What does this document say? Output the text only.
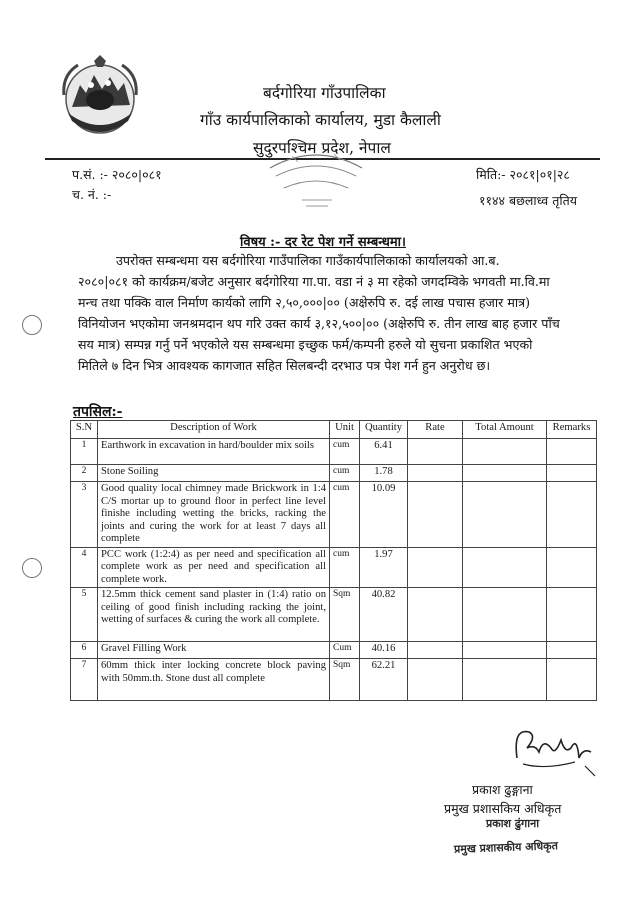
बर्दगोरिया गाँउपालिका
गाँउ कार्यपालिकाको कार्यालय, मुडा कैलाली
सुदुरपश्चिम प्रदेश, नेपाल
प.सं. :- २०८०|०८१
च. नं. :-
मिति:- २०८१|०१|२८
११४४ बछलाध्व तृतिय
विषय :- दर रेट पेश गर्ने सम्बन्धमा।
उपरोक्त सम्बन्धमा यस बर्दगोरिया गाउँपालिका गाउँकार्यपालिकाको कार्यालयको आ.ब.
२०८०|०८१ को कार्यक्रम/बजेट अनुसार बर्दगोरिया गा.पा. वडा नं ३ मा रहेको जगदम्विके भगवती मा.वि.मा
मन्च तथा पक्कि वाल निर्माण कार्यको लागि २,५०,०००|०० (अक्षेरुपि रु. दई लाख पचास हजार मात्र)
विनियोजन भएकोमा जनश्रमदान थप गरि उक्त कार्य ३,१२,५००|०० (अक्षेरुपि रु. तीन लाख बाह हजार पाँच
सय मात्र) सम्पन्न गर्नु पर्ने भएकोले यस सम्बन्धमा इच्छुक फर्म/कम्पनी हरुले यो सुचना प्रकाशित भएको
मितिले ७ दिन भित्र आवश्यक कागजात सहित सिलबन्दी दरभाउ पत्र पेश गर्न हुन अनुरोध छ।
तपसिल:-
S.N	Description of Work	Unit	Quantity	Rate	Total Amount	Remarks
1	Earthwork in excavation in hard/boulder mix soils	cum	6.41			
2	Stone Soiling	cum	1.78			
3	Good quality local chimney made Brickwork in 1:4 C/S mortar up to ground floor in perfect line level finishe including wetting the bricks, racking the joints and curing the work for at least 7 days all complete	cum	10.09			
4	PCC work (1:2:4) as per need and specification all complete work as per need and specification all complete work.	cum	1.97			
5	12.5mm thick cement sand plaster in (1:4) ratio on ceiling of good finish including racking the joint, wetting of surfaces & curing the work all complete.	Sqm	40.82			
6	Gravel Filling Work	Cum	40.16			
7	60mm thick inter locking concrete block paving with 50mm.th. Stone dust all complete	Sqm	62.21			
प्रकाश ढुङ्गाना
प्रमुख प्रशासकिय अधिकृत
प्रकाश ढुंगाना
प्रमुख प्रशासकीय अधिकृत
